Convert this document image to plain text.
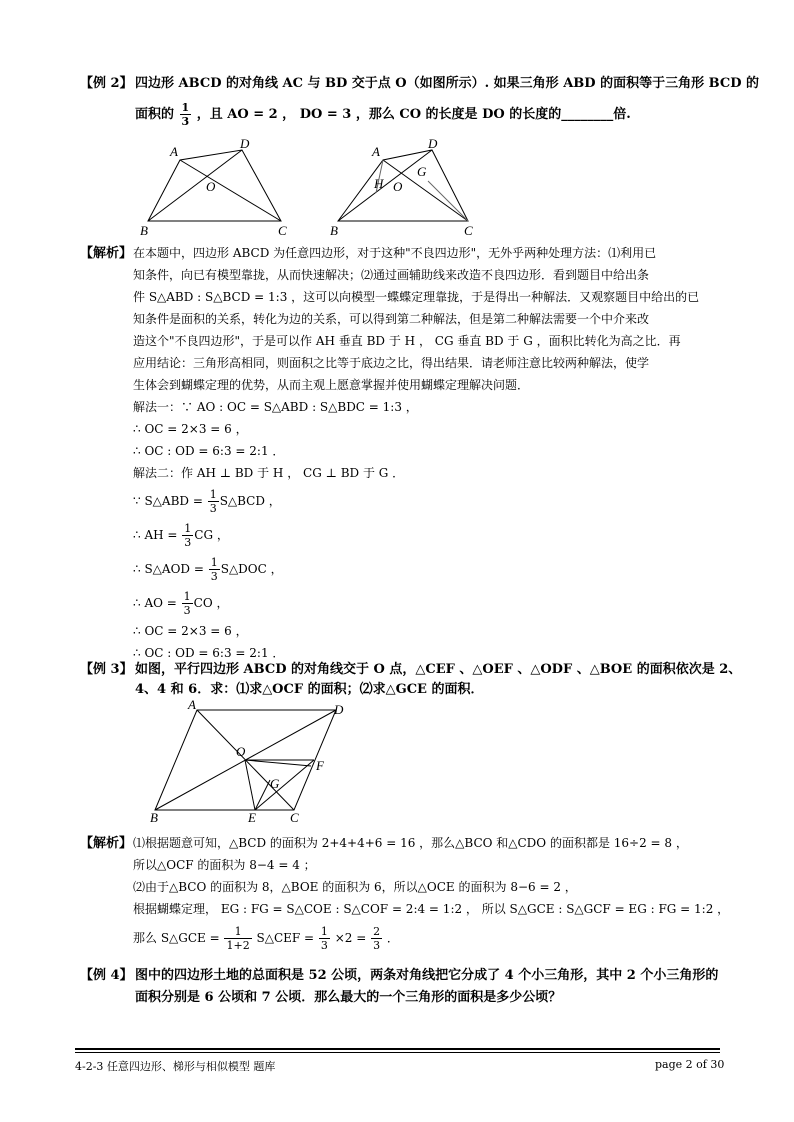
【例 2】 四边形 ABCD 的对角线 AC 与 BD 交于点 O（如图所示）. 如果三角形 ABD 的面积等于三角形 BCD 的
面积的 $\frac{1}{3}$ ，且 AO = 2 ， DO = 3 ，那么 CO 的长度是 DO 的长度的________倍.
A
D
O
B	C
A
D
H O
G
B	C
【解析】 在本题中，四边形 ABCD 为任意四边形，对于这种"不良四边形"，无外乎两种处理方法：⑴利用已
知条件，向已有模型靠拢，从而快速解决；⑵通过画辅助线来改造不良四边形．看到题目中给出条
件 S△ABD : S△BCD = 1:3 ，这可以向模型一蝶蝶定理靠拢，于是得出一种解法．又观察题目中给出的已
知条件是面积的关系，转化为边的关系，可以得到第二种解法，但是第二种解法需要一个中介来改
造这个"不良四边形"，于是可以作 AH 垂直 BD 于 H ， CG 垂直 BD 于 G ，面积比转化为高之比．再
应用结论：三角形高相同，则面积之比等于底边之比，得出结果．请老师注意比较两种解法，使学
生体会到蝴蝶定理的优势，从而主观上愿意掌握并使用蝴蝶定理解决问题．
解法一：∵ AO : OC = S△ABD : S△BDC = 1:3 ，
∴ OC = 2×3 = 6 ，
∴ OC : OD = 6:3 = 2:1 ．
解法二：作 AH ⊥ BD 于 H ， CG ⊥ BD 于 G ．
∵ S△ABD = $\frac{1}{3}$ S△BCD ，
∴ AH = $\frac{1}{3}$ CG ，
∴ S△AOD = $\frac{1}{3}$ S△DOC ，
∴ AO = $\frac{1}{3}$ CO ，
∴ OC = 2×3 = 6 ，
∴ OC : OD = 6:3 = 2:1 ．
【例 3】 如图，平行四边形 ABCD 的对角线交于 O 点，△CEF 、△OEF 、△ODF 、△BOE 的面积依次是 2、
4、4 和 6．求：⑴求△OCF 的面积；⑵求△GCE 的面积．
A	D
O
G
F
E
B	C
【解析】 ⑴根据题意可知，△BCD 的面积为 2+4+4+6 = 16 ，那么△BCO 和△CDO 的面积都是 16÷2 = 8 ，
所以△OCF 的面积为 8−4 = 4 ；
⑵由于△BCO 的面积为 8，△BOE 的面积为 6，所以△OCE 的面积为 8−6 = 2 ，
根据蝴蝶定理， EG : FG = S△COE : S△COF = 2:4 = 1:2 ， 所以 S△GCE : S△GCF = EG : FG = 1:2 ，
那么 S△GCE = $\frac{1}{1+2}$ S△CEF = $\frac{1}{3} \times 2 = \frac{2}{3}$ ．
【例 4】 图中的四边形土地的总面积是 52 公顷，两条对角线把它分成了 4 个小三角形，其中 2 个小三角形的
面积分别是 6 公顷和 7 公顷．那么最大的一个三角形的面积是多少公顷？
4-2-3 任意四边形、梯形与相似模型 题库	page 2 of 30
